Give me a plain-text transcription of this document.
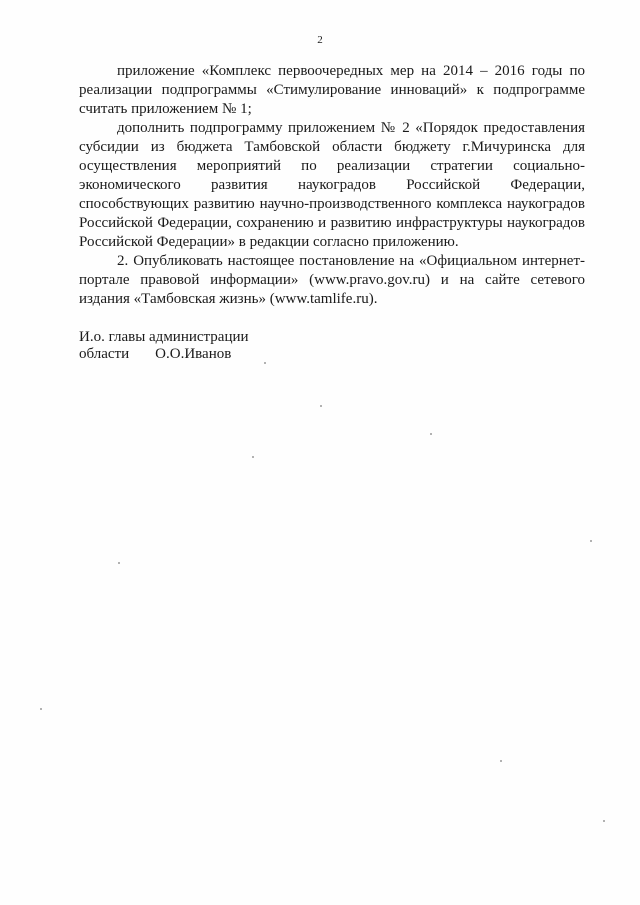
2

приложение «Комплекс первоочередных мер на 2014 – 2016 годы по реализации подпрограммы «Стимулирование инноваций» к подпрограмме считать приложением № 1;

дополнить подпрограмму приложением № 2 «Порядок предоставления субсидии из бюджета Тамбовской области бюджету г.Мичуринска для осуществления мероприятий по реализации стратегии социально-экономического развития наукоградов Российской Федерации, способствующих развитию научно-производственного комплекса наукоградов Российской Федерации, сохранению и развитию инфраструктуры наукоградов Российской Федерации» в редакции согласно приложению.

2. Опубликовать настоящее постановление на «Официальном интернет-портале правовой информации» (www.pravo.gov.ru) и на сайте сетевого издания «Тамбовская жизнь» (www.tamlife.ru).

И.о. главы администрации
области О.О.Иванов
